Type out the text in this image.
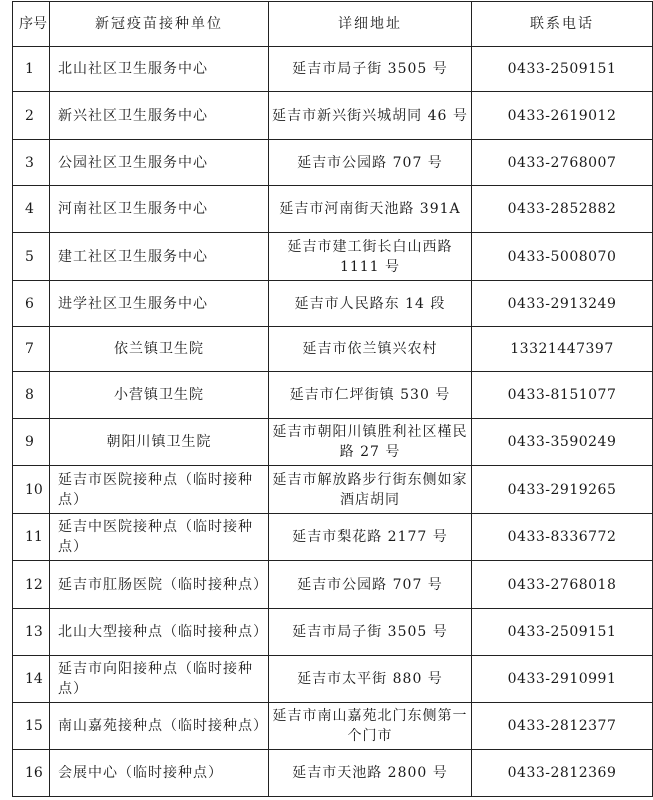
序号	新冠疫苗接种单位	详细地址	联系电话
1	北山社区卫生服务中心	延吉市局子街 3505 号	0433-2509151
2	新兴社区卫生服务中心	延吉市新兴街兴城胡同 46 号	0433-2619012
3	公园社区卫生服务中心	延吉市公园路 707 号	0433-2768007
4	河南社区卫生服务中心	延吉市河南街天池路 391A	0433-2852882
5	建工社区卫生服务中心	延吉市建工街长白山西路 1111 号	0433-5008070
6	进学社区卫生服务中心	延吉市人民路东 14 段	0433-2913249
7	依兰镇卫生院	延吉市依兰镇兴农村	13321447397
8	小营镇卫生院	延吉市仁坪街镇 530 号	0433-8151077
9	朝阳川镇卫生院	延吉市朝阳川镇胜利社区槿民路 27 号	0433-3590249
10	延吉市医院接种点（临时接种点）	延吉市解放路步行街东侧如家酒店胡同	0433-2919265
11	延吉中医院接种点（临时接种点）	延吉市梨花路 2177 号	0433-8336772
12	延吉市肛肠医院（临时接种点）	延吉市公园路 707 号	0433-2768018
13	北山大型接种点（临时接种点）	延吉市局子街 3505 号	0433-2509151
14	延吉市向阳接种点（临时接种点）	延吉市太平街 880 号	0433-2910991
15	南山嘉苑接种点（临时接种点）	延吉市南山嘉苑北门东侧第一个门市	0433-2812377
16	会展中心（临时接种点）	延吉市天池路 2800 号	0433-2812369
